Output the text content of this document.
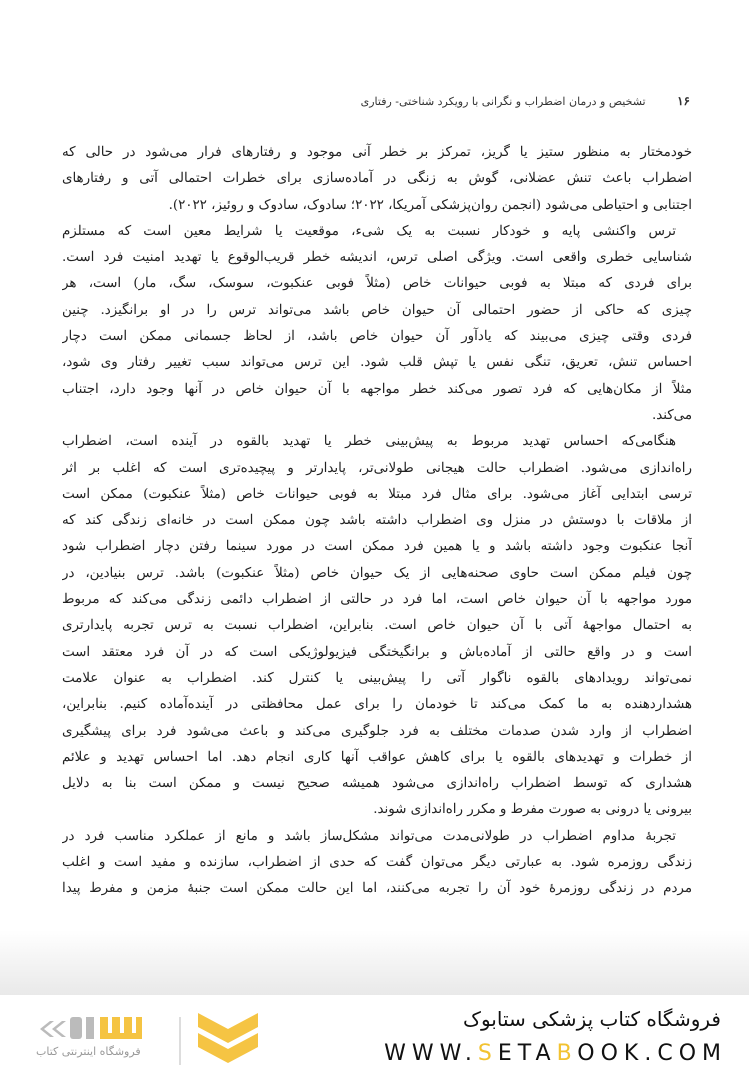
۱۶ تشخیص و درمان اضطراب و نگرانی با رویکرد شناختی- رفتاری
خودمختار به منظور ستیز یا گریز، تمرکز بر خطر آنی موجود و رفتارهای فرار می‌شود در حالی که
اضطراب باعث تنش عضلانی، گوش به زنگی در آماده‌سازی برای خطرات احتمالی آتی و رفتارهای
اجتنابی و احتیاطی می‌شود (انجمن روان‌پزشکی آمریکا، ۲۰۲۲؛ سادوک، سادوک و روئیز، ۲۰۲۲).
ترس واکنشی پایه و خودکار نسبت به یک شیء، موقعیت یا شرایط معین است که مستلزم
شناسایی خطری واقعی است. ویژگی اصلی ترس، اندیشه خطر قریب‌الوقوع یا تهدید امنیت فرد است.
برای فردی که مبتلا به فوبی حیوانات خاص (مثلاً فوبی عنکبوت، سوسک، سگ، مار) است، هر
چیزی که حاکی از حضور احتمالی آن حیوان خاص باشد می‌تواند ترس را در او برانگیزد. چنین
فردی وقتی چیزی می‌بیند که یادآور آن حیوان خاص باشد، از لحاظ جسمانی ممکن است دچار
احساس تنش، تعریق، تنگی نفس یا تپش قلب شود. این ترس می‌تواند سبب تغییر رفتار وی شود،
مثلاً از مکان‌هایی که فرد تصور می‌کند خطر مواجهه با آن حیوان خاص در آنها وجود دارد، اجتناب
می‌کند.
هنگامی‌که احساس تهدید مربوط به پیش‌بینی خطر یا تهدید بالقوه در آینده است، اضطراب
راه‌اندازی می‌شود. اضطراب حالت هیجانی طولانی‌تر، پایدارتر و پیچیده‌تری است که اغلب بر اثر
ترسی ابتدایی آغاز می‌شود. برای مثال فرد مبتلا به فوبی حیوانات خاص (مثلاً عنکبوت) ممکن است
از ملاقات با دوستش در منزل وی اضطراب داشته باشد چون ممکن است در خانه‌ای زندگی کند که
آنجا عنکبوت وجود داشته باشد و یا همین فرد ممکن است در مورد سینما رفتن دچار اضطراب شود
چون فیلم ممکن است حاوی صحنه‌هایی از یک حیوان خاص (مثلاً عنکبوت) باشد. ترس بنیادین، در
مورد مواجهه با آن حیوان خاص است، اما فرد در حالتی از اضطراب دائمی زندگی می‌کند که مربوط
به احتمال مواجههٔ آتی با آن حیوان خاص است. بنابراین، اضطراب نسبت به ترس تجربه پایدارتری
است و در واقع حالتی از آماده‌باش و برانگیختگی فیزیولوژیکی است که در آن فرد معتقد است
نمی‌تواند رویدادهای بالقوه ناگوار آتی را پیش‌بینی یا کنترل کند. اضطراب به عنوان علامت
هشداردهنده به ما کمک می‌کند تا خودمان را برای عمل محافظتی در آینده‌آماده کنیم. بنابراین،
اضطراب از وارد شدن صدمات مختلف به فرد جلوگیری می‌کند و باعث می‌شود فرد برای پیشگیری
از خطرات و تهدیدهای بالقوه یا برای کاهش عواقب آنها کاری انجام دهد. اما احساس تهدید و علائم
هشداری که توسط اضطراب راه‌اندازی می‌شود همیشه صحیح نیست و ممکن است بنا به دلایل
بیرونی یا درونی به صورت مفرط و مکرر راه‌اندازی شوند.
تجربهٔ مداوم اضطراب در طولانی‌مدت می‌تواند مشکل‌ساز باشد و مانع از عملکرد مناسب فرد در
زندگی روزمره شود. به عبارتی دیگر می‌توان گفت که حدی از اضطراب، سازنده و مفید است و اغلب
مردم در زندگی روزمرهٔ خود آن را تجربه می‌کنند، اما این حالت ممکن است جنبهٔ مزمن و مفرط پیدا
فروشگاه اینترنتی کتاب
فروشگاه کتاب پزشکی ستابوک
WWW.SETABOOK.COM
